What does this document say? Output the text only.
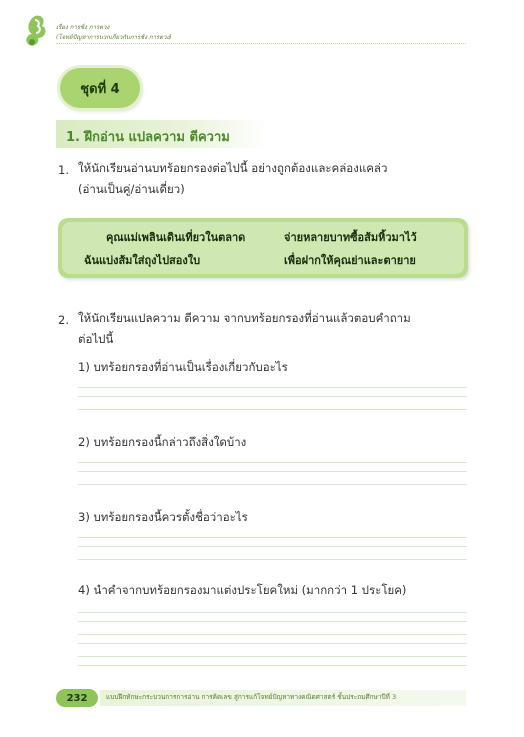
เรื่อง การชั่ง การตวง
(โจทย์ปัญหาการบวกเกี่ยวกับการชั่ง การตวง)
ชุดที่ 4
1. ฝึกอ่าน แปลความ ตีความ
1. ให้นักเรียนอ่านบทร้อยกรองต่อไปนี้ อย่างถูกต้องและคล่องแคล่ว
(อ่านเป็นคู่/อ่านเดี่ยว)
คุณแม่เพลินเดินเที่ยวในตลาด	จ่ายหลายบาทซื้อส้มหิ้วมาไว้
ฉันแบ่งส้มใส่ถุงไปสองใบ	เพื่อฝากให้คุณย่าและตายาย
2. ให้นักเรียนแปลความ ตีความ จากบทร้อยกรองที่อ่านแล้วตอบคำถาม
ต่อไปนี้
1) บทร้อยกรองที่อ่านเป็นเรื่องเกี่ยวกับอะไร
2) บทร้อยกรองนี้กล่าวถึงสิ่งใดบ้าง
3) บทร้อยกรองนี้ควรตั้งชื่อว่าอะไร
4) นำคำจากบทร้อยกรองมาแต่งประโยคใหม่ (มากกว่า 1 ประโยค)
232	แบบฝึกทักษะกระบวนการการอ่าน การคิดเลข สู่การแก้โจทย์ปัญหาทางคณิตศาสตร์ ชั้นประถมศึกษาปีที่ 3
